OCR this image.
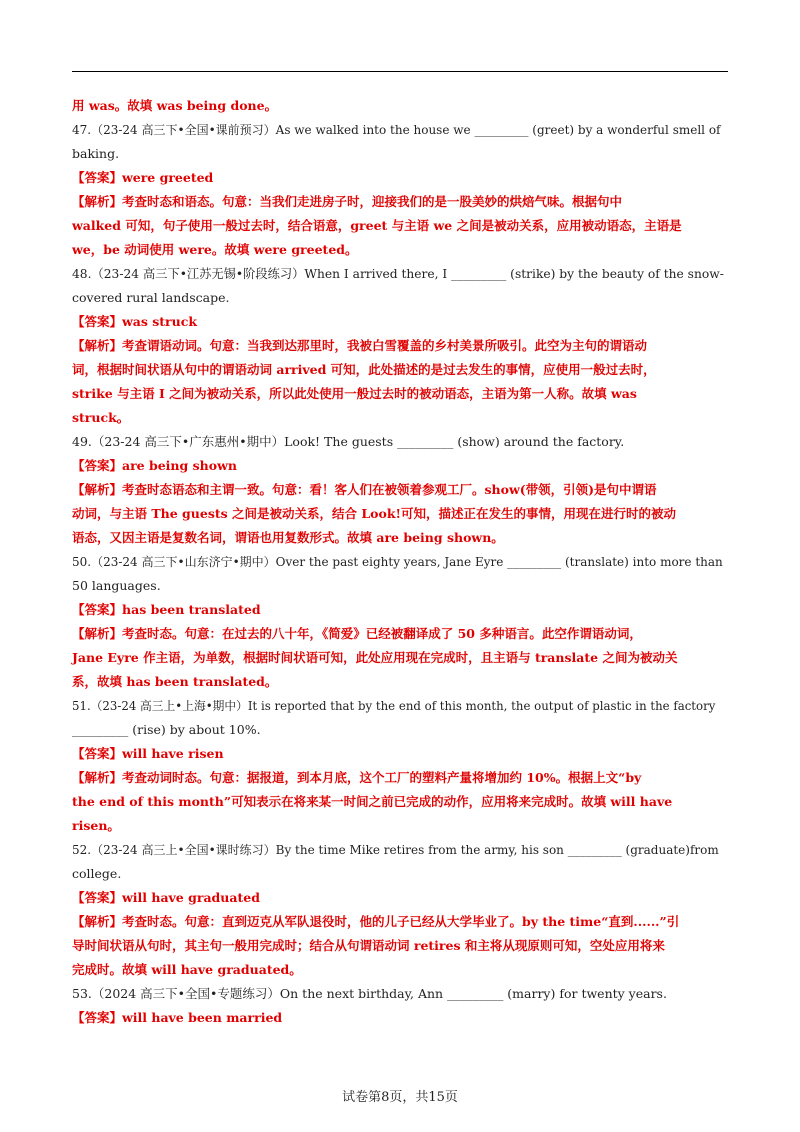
用 was。故填 was being done。
47.（23-24 高三下•全国•课前预习）As we walked into the house we _________ (greet) by a wonderful smell of
baking.
【答案】were greeted
【解析】考查时态和语态。句意：当我们走进房子时，迎接我们的是一股美妙的烘焙气味。根据句中
walked 可知，句子使用一般过去时，结合语意，greet 与主语 we 之间是被动关系，应用被动语态，主语是
we，be 动词使用 were。故填 were greeted。
48.（23-24 高三下•江苏无锡•阶段练习）When I arrived there, I _________ (strike) by the beauty of the snow-
covered rural landscape.
【答案】was struck
【解析】考查谓语动词。句意：当我到达那里时，我被白雪覆盖的乡村美景所吸引。此空为主句的谓语动
词，根据时间状语从句中的谓语动词 arrived 可知，此处描述的是过去发生的事情，应使用一般过去时，
strike 与主语 I 之间为被动关系，所以此处使用一般过去时的被动语态，主语为第一人称。故填 was
struck。
49.（23-24 高三下•广东惠州•期中）Look! The guests _________ (show) around the factory.
【答案】are being shown
【解析】考查时态语态和主谓一致。句意：看！客人们在被领着参观工厂。show(带领，引领)是句中谓语
动词，与主语 The guests 之间是被动关系，结合 Look!可知，描述正在发生的事情，用现在进行时的被动
语态，又因主语是复数名词，谓语也用复数形式。故填 are being shown。
50.（23-24 高三下•山东济宁•期中）Over the past eighty years, Jane Eyre _________ (translate) into more than
50 languages.
【答案】has been translated
【解析】考查时态。句意：在过去的八十年，《简爱》已经被翻译成了 50 多种语言。此空作谓语动词，
Jane Eyre 作主语，为单数，根据时间状语可知，此处应用现在完成时，且主语与 translate 之间为被动关
系，故填 has been translated。
51.（23-24 高三上•上海•期中）It is reported that by the end of this month, the output of plastic in the factory
_________ (rise) by about 10%.
【答案】will have risen
【解析】考查动词时态。句意：据报道，到本月底，这个工厂的塑料产量将增加约 10%。根据上文“by
the end of this month”可知表示在将来某一时间之前已完成的动作，应用将来完成时。故填 will have
risen。
52.（23-24 高三上•全国•课时练习）By the time Mike retires from the army, his son _________ (graduate)from
college.
【答案】will have graduated
【解析】考查时态。句意：直到迈克从军队退役时，他的儿子已经从大学毕业了。by the time“直到......”引
导时间状语从句时，其主句一般用完成时；结合从句谓语动词 retires 和主将从现原则可知，空处应用将来
完成时。故填 will have graduated。
53.（2024 高三下•全国•专题练习）On the next birthday, Ann _________ (marry) for twenty years.
【答案】will have been married
试卷第8页，共15页
